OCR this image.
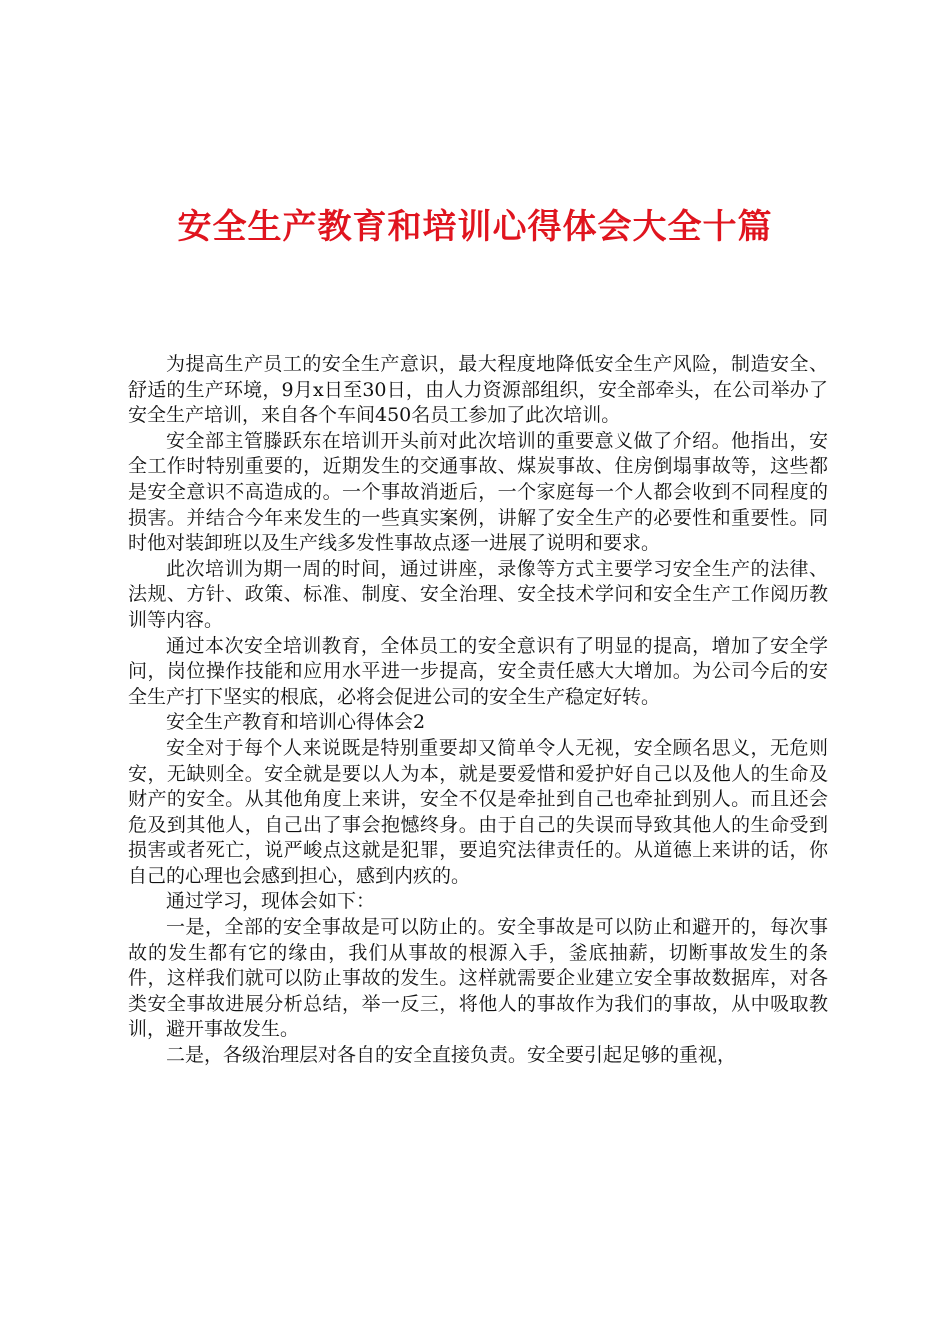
安全生产教育和培训心得体会大全十篇

为提高生产员工的安全生产意识，最大程度地降低安全生产风险，制造安全、舒适的生产环境，9月x日至30日，由人力资源部组织，安全部牵头，在公司举办了安全生产培训，来自各个车间450名员工参加了此次培训。

安全部主管滕跃东在培训开头前对此次培训的重要意义做了介绍。他指出，安全工作时特别重要的，近期发生的交通事故、煤炭事故、住房倒塌事故等，这些都是安全意识不高造成的。一个事故消逝后，一个家庭每一个人都会收到不同程度的损害。并结合今年来发生的一些真实案例，讲解了安全生产的必要性和重要性。同时他对装卸班以及生产线多发性事故点逐一进展了说明和要求。

此次培训为期一周的时间，通过讲座，录像等方式主要学习安全生产的法律、法规、方针、政策、标准、制度、安全治理、安全技术学问和安全生产工作阅历教训等内容。

通过本次安全培训教育，全体员工的安全意识有了明显的提高，增加了安全学问，岗位操作技能和应用水平进一步提高，安全责任感大大增加。为公司今后的安全生产打下坚实的根底，必将会促进公司的安全生产稳定好转。

安全生产教育和培训心得体会2

安全对于每个人来说既是特别重要却又简单令人无视，安全顾名思义，无危则安，无缺则全。安全就是要以人为本，就是要爱惜和爱护好自己以及他人的生命及财产的安全。从其他角度上来讲，安全不仅是牵扯到自己也牵扯到别人。而且还会危及到其他人，自己出了事会抱憾终身。由于自己的失误而导致其他人的生命受到损害或者死亡，说严峻点这就是犯罪，要追究法律责任的。从道德上来讲的话，你自己的心理也会感到担心，感到内疚的。

通过学习，现体会如下：

一是，全部的安全事故是可以防止的。安全事故是可以防止和避开的，每次事故的发生都有它的缘由，我们从事故的根源入手，釜底抽薪，切断事故发生的条件，这样我们就可以防止事故的发生。这样就需要企业建立安全事故数据库，对各类安全事故进展分析总结，举一反三，将他人的事故作为我们的事故，从中吸取教训，避开事故发生。

二是，各级治理层对各自的安全直接负责。安全要引起足够的重视，
